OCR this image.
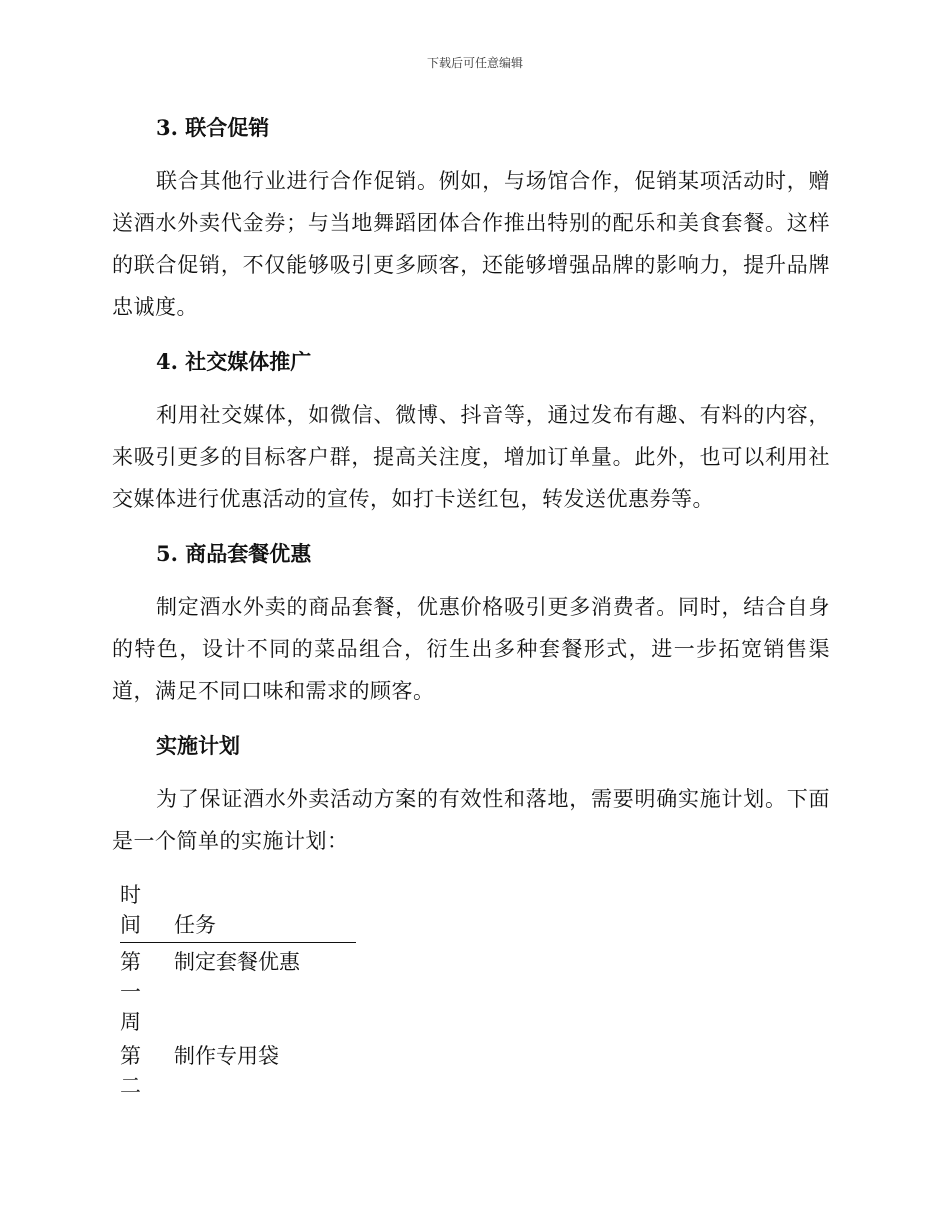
下载后可任意编辑
3. 联合促销
联合其他行业进行合作促销。例如，与场馆合作，促销某项活动时，赠送酒水外卖代金券；与当地舞蹈团体合作推出特别的配乐和美食套餐。这样的联合促销，不仅能够吸引更多顾客，还能够增强品牌的影响力，提升品牌忠诚度。
4. 社交媒体推广
利用社交媒体，如微信、微博、抖音等，通过发布有趣、有料的内容，来吸引更多的目标客户群，提高关注度，增加订单量。此外，也可以利用社交媒体进行优惠活动的宣传，如打卡送红包，转发送优惠券等。
5. 商品套餐优惠
制定酒水外卖的商品套餐，优惠价格吸引更多消费者。同时，结合自身的特色，设计不同的菜品组合，衍生出多种套餐形式，进一步拓宽销售渠道，满足不同口味和需求的顾客。
实施计划
为了保证酒水外卖活动方案的有效性和落地，需要明确实施计划。下面是一个简单的实施计划：
时
间	任务
第
一
周
制定套餐优惠
第
二
制作专用袋
